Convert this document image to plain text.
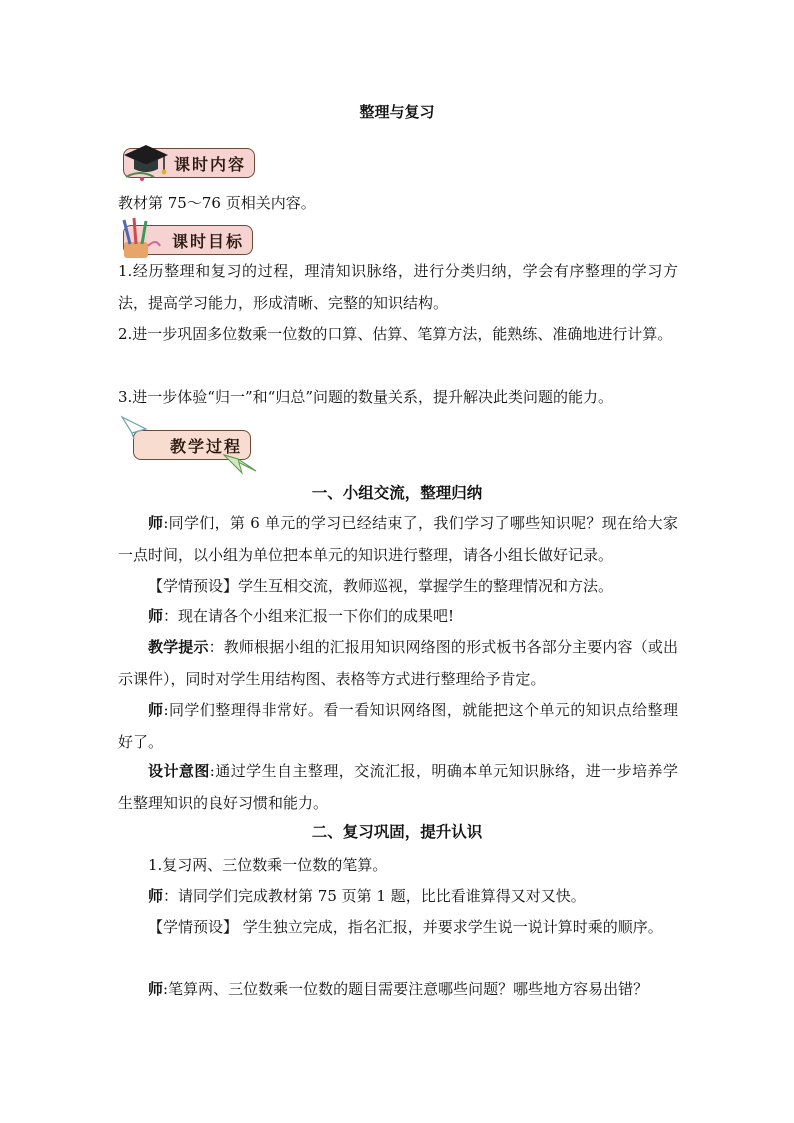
整理与复习
课时内容
教材第 75～76 页相关内容。
课时目标
1.经历整理和复习的过程，理清知识脉络，进行分类归纳，学会有序整理的学习方法，提高学习能力，形成清晰、完整的知识结构。
2.进一步巩固多位数乘一位数的口算、估算、笔算方法，能熟练、准确地进行计算。
3.进一步体验“归一”和“归总”问题的数量关系，提升解决此类问题的能力。
教学过程
一、小组交流，整理归纳
师:同学们，第 6 单元的学习已经结束了，我们学习了哪些知识呢？现在给大家一点时间，以小组为单位把本单元的知识进行整理，请各小组长做好记录。
【学情预设】学生互相交流，教师巡视，掌握学生的整理情况和方法。
师：现在请各个小组来汇报一下你们的成果吧!
教学提示：教师根据小组的汇报用知识网络图的形式板书各部分主要内容（或出示课件），同时对学生用结构图、表格等方式进行整理给予肯定。
师:同学们整理得非常好。看一看知识网络图，就能把这个单元的知识点给整理好了。
设计意图:通过学生自主整理，交流汇报，明确本单元知识脉络，进一步培养学生整理知识的良好习惯和能力。
二、复习巩固，提升认识
1.复习两、三位数乘一位数的笔算。
师：请同学们完成教材第 75 页第 1 题，比比看谁算得又对又快。
【学情预设】 学生独立完成，指名汇报，并要求学生说一说计算时乘的顺序。
师:笔算两、三位数乘一位数的题目需要注意哪些问题？哪些地方容易出错？
